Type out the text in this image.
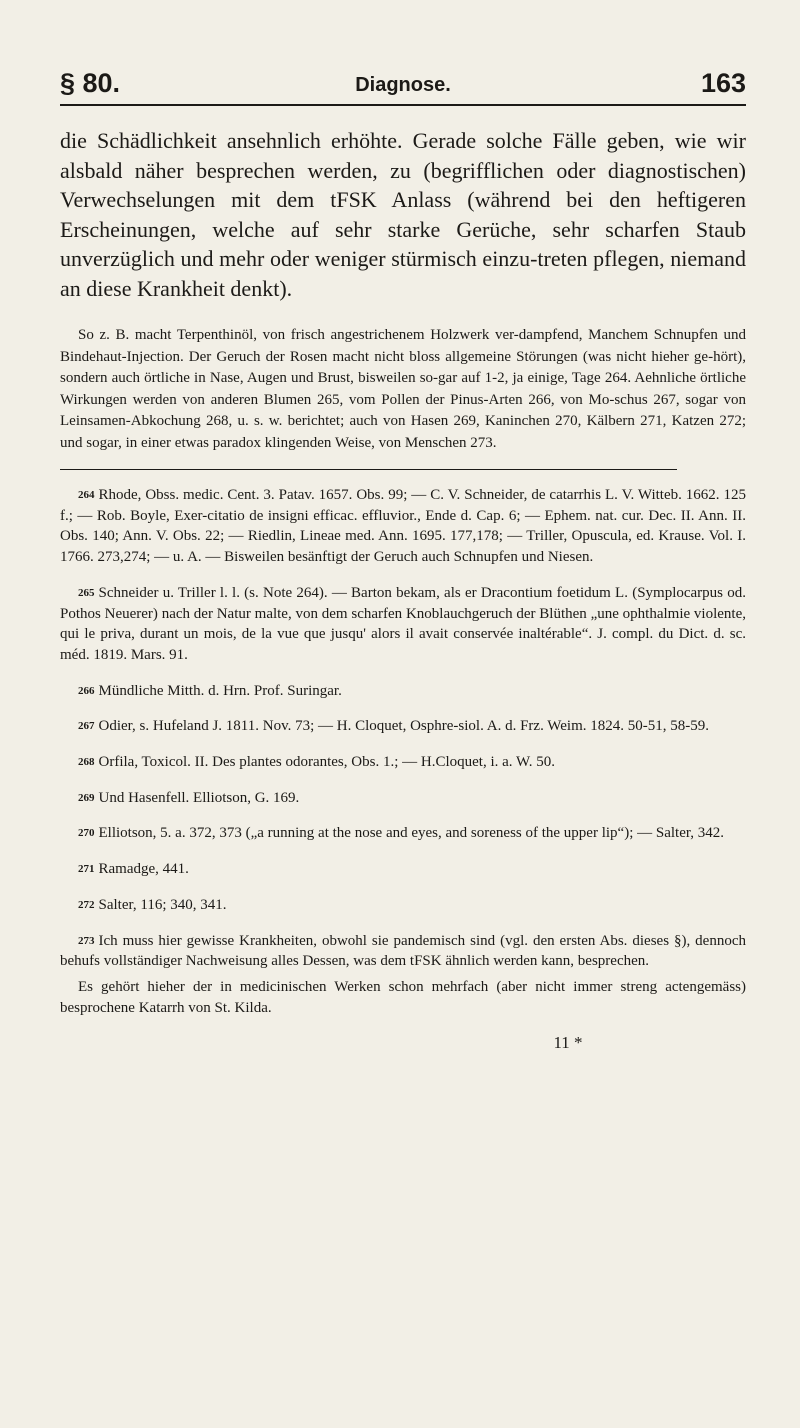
§ 80.	Diagnose.	163

die Schädlichkeit ansehnlich erhöhte. Gerade solche Fälle geben, wie wir alsbald näher besprechen werden, zu (begrifflichen oder diagnostischen) Verwechselungen mit dem tFSK Anlass (während bei den heftigeren Erscheinungen, welche auf sehr starke Gerüche, sehr scharfen Staub unverzüglich und mehr oder weniger stürmisch einzu-treten pflegen, niemand an diese Krankheit denkt).

So z. B. macht Terpenthinöl, von frisch angestrichenem Holzwerk ver-dampfend, Manchem Schnupfen und Bindehaut-Injection. Der Geruch der Rosen macht nicht bloss allgemeine Störungen (was nicht hieher ge-hört), sondern auch örtliche in Nase, Augen und Brust, bisweilen so-gar auf 1-2, ja einige, Tage 264. Aehnliche örtliche Wirkungen werden von anderen Blumen 265, vom Pollen der Pinus-Arten 266, von Mo-schus 267, sogar von Leinsamen-Abkochung 268, u. s. w. berichtet; auch von Hasen 269, Kaninchen 270, Kälbern 271, Katzen 272; und sogar, in einer etwas paradox klingenden Weise, von Menschen 273.

264 Rhode, Obss. medic. Cent. 3. Patav. 1657. Obs. 99; — C. V. Schneider, de catarrhis L. V. Witteb. 1662. 125 f.; — Rob. Boyle, Exer-citatio de insigni efficac. effluvior., Ende d. Cap. 6; — Ephem. nat. cur. Dec. II. Ann. II. Obs. 140; Ann. V. Obs. 22; — Riedlin, Lineae med. Ann. 1695. 177,178; — Triller, Opuscula, ed. Krause. Vol. I. 1766. 273,274; — u. A. — Bisweilen besänftigt der Geruch auch Schnupfen und Niesen.

265 Schneider u. Triller l. l. (s. Note 264). — Barton bekam, als er Dracontium foetidum L. (Symplocarpus od. Pothos Neuerer) nach der Natur malte, von dem scharfen Knoblauchgeruch der Blüthen „une ophthalmie violente, qui le priva, durant un mois, de la vue que jusqu' alors il avait conservée inaltérable“. J. compl. du Dict. d. sc. méd. 1819. Mars. 91.

266 Mündliche Mitth. d. Hrn. Prof. Suringar.

267 Odier, s. Hufeland J. 1811. Nov. 73; — H. Cloquet, Osphre-siol. A. d. Frz. Weim. 1824. 50-51, 58-59.

268 Orfila, Toxicol. II. Des plantes odorantes, Obs. 1.; — H.Cloquet, i. a. W. 50.

269 Und Hasenfell. Elliotson, G. 169.

270 Elliotson, 5. a. 372, 373 („a running at the nose and eyes, and soreness of the upper lip“); — Salter, 342.

271 Ramadge, 441.

272 Salter, 116; 340, 341.

273 Ich muss hier gewisse Krankheiten, obwohl sie pandemisch sind (vgl. den ersten Abs. dieses §), dennoch behufs vollständiger Nachweisung alles Dessen, was dem tFSK ähnlich werden kann, besprechen.

Es gehört hieher der in medicinischen Werken schon mehrfach (aber nicht immer streng actengemäss) besprochene Katarrh von St. Kilda.

11 *
